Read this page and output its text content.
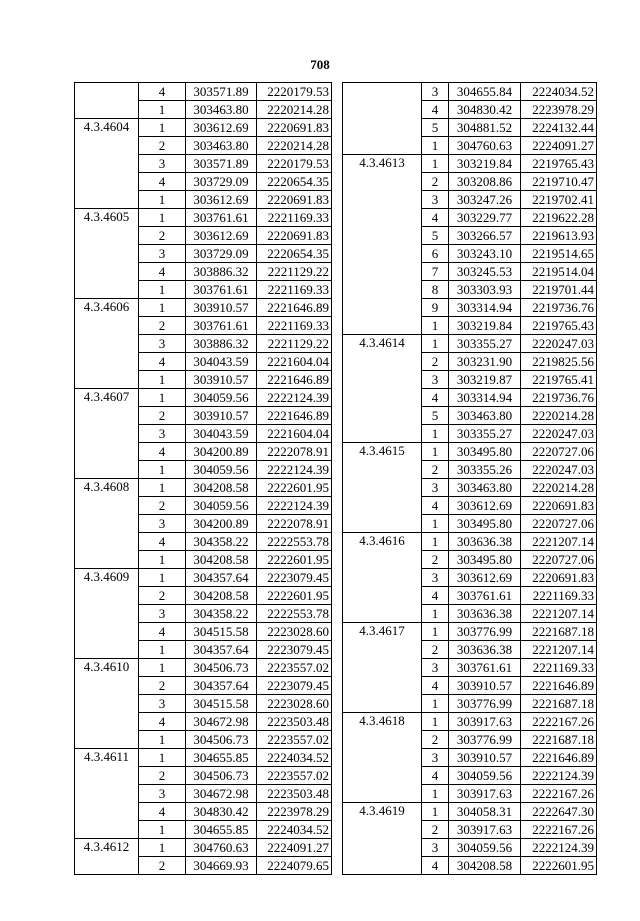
708
	4	303571.89	2220179.53
	1	303463.80	2220214.28
4.3.4604	1	303612.69	2220691.83
	2	303463.80	2220214.28
	3	303571.89	2220179.53
	4	303729.09	2220654.35
	1	303612.69	2220691.83
4.3.4605	1	303761.61	2221169.33
	2	303612.69	2220691.83
	3	303729.09	2220654.35
	4	303886.32	2221129.22
	1	303761.61	2221169.33
4.3.4606	1	303910.57	2221646.89
	2	303761.61	2221169.33
	3	303886.32	2221129.22
	4	304043.59	2221604.04
	1	303910.57	2221646.89
4.3.4607	1	304059.56	2222124.39
	2	303910.57	2221646.89
	3	304043.59	2221604.04
	4	304200.89	2222078.91
	1	304059.56	2222124.39
4.3.4608	1	304208.58	2222601.95
	2	304059.56	2222124.39
	3	304200.89	2222078.91
	4	304358.22	2222553.78
	1	304208.58	2222601.95
4.3.4609	1	304357.64	2223079.45
	2	304208.58	2222601.95
	3	304358.22	2222553.78
	4	304515.58	2223028.60
	1	304357.64	2223079.45
4.3.4610	1	304506.73	2223557.02
	2	304357.64	2223079.45
	3	304515.58	2223028.60
	4	304672.98	2223503.48
	1	304506.73	2223557.02
4.3.4611	1	304655.85	2224034.52
	2	304506.73	2223557.02
	3	304672.98	2223503.48
	4	304830.42	2223978.29
	1	304655.85	2224034.52
4.3.4612	1	304760.63	2224091.27
	2	304669.93	2224079.65
	3	304655.84	2224034.52
	4	304830.42	2223978.29
	5	304881.52	2224132.44
	1	304760.63	2224091.27
4.3.4613	1	303219.84	2219765.43
	2	303208.86	2219710.47
	3	303247.26	2219702.41
	4	303229.77	2219622.28
	5	303266.57	2219613.93
	6	303243.10	2219514.65
	7	303245.53	2219514.04
	8	303303.93	2219701.44
	9	303314.94	2219736.76
	1	303219.84	2219765.43
4.3.4614	1	303355.27	2220247.03
	2	303231.90	2219825.56
	3	303219.87	2219765.41
	4	303314.94	2219736.76
	5	303463.80	2220214.28
	1	303355.27	2220247.03
4.3.4615	1	303495.80	2220727.06
	2	303355.26	2220247.03
	3	303463.80	2220214.28
	4	303612.69	2220691.83
	1	303495.80	2220727.06
4.3.4616	1	303636.38	2221207.14
	2	303495.80	2220727.06
	3	303612.69	2220691.83
	4	303761.61	2221169.33
	1	303636.38	2221207.14
4.3.4617	1	303776.99	2221687.18
	2	303636.38	2221207.14
	3	303761.61	2221169.33
	4	303910.57	2221646.89
	1	303776.99	2221687.18
4.3.4618	1	303917.63	2222167.26
	2	303776.99	2221687.18
	3	303910.57	2221646.89
	4	304059.56	2222124.39
	1	303917.63	2222167.26
4.3.4619	1	304058.31	2222647.30
	2	303917.63	2222167.26
	3	304059.56	2222124.39
	4	304208.58	2222601.95
